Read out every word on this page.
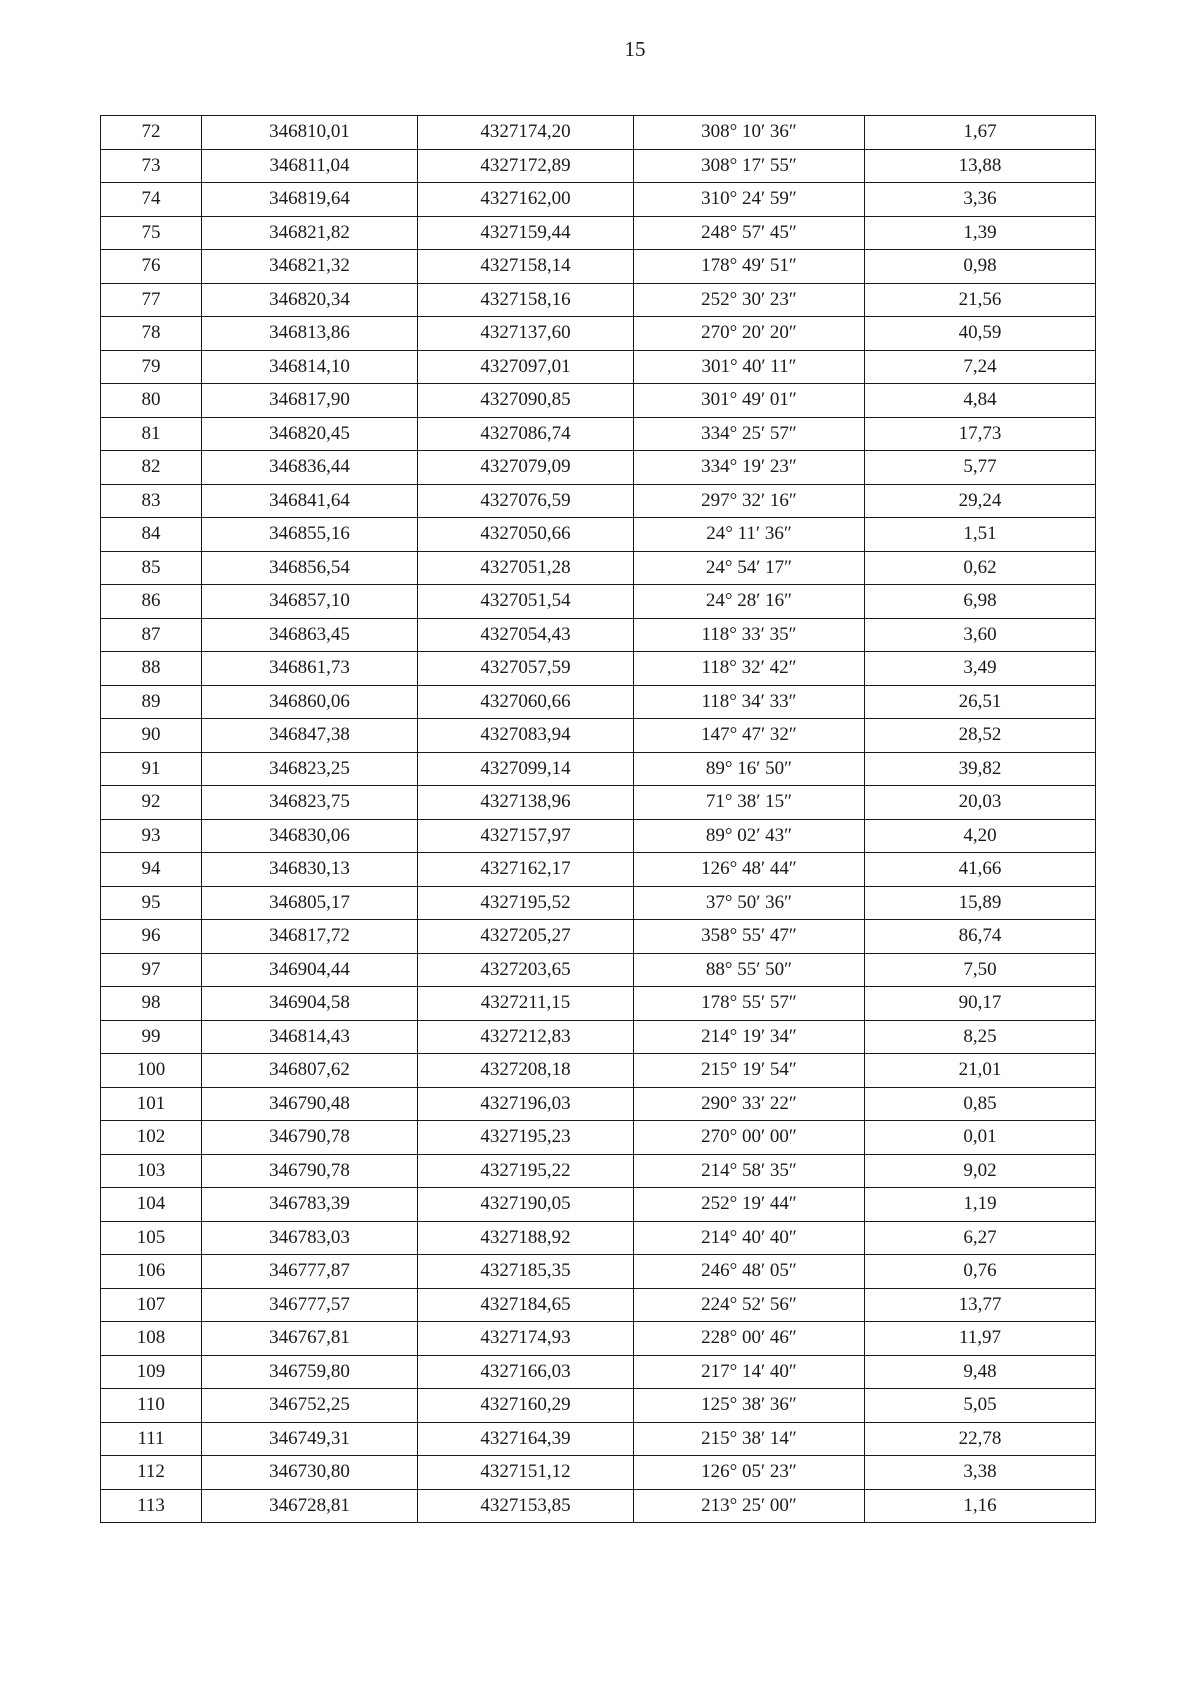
15
72	346810,01	4327174,20	308° 10′ 36″	1,67
73	346811,04	4327172,89	308° 17′ 55″	13,88
74	346819,64	4327162,00	310° 24′ 59″	3,36
75	346821,82	4327159,44	248° 57′ 45″	1,39
76	346821,32	4327158,14	178° 49′ 51″	0,98
77	346820,34	4327158,16	252° 30′ 23″	21,56
78	346813,86	4327137,60	270° 20′ 20″	40,59
79	346814,10	4327097,01	301° 40′ 11″	7,24
80	346817,90	4327090,85	301° 49′ 01″	4,84
81	346820,45	4327086,74	334° 25′ 57″	17,73
82	346836,44	4327079,09	334° 19′ 23″	5,77
83	346841,64	4327076,59	297° 32′ 16″	29,24
84	346855,16	4327050,66	24° 11′ 36″	1,51
85	346856,54	4327051,28	24° 54′ 17″	0,62
86	346857,10	4327051,54	24° 28′ 16″	6,98
87	346863,45	4327054,43	118° 33′ 35″	3,60
88	346861,73	4327057,59	118° 32′ 42″	3,49
89	346860,06	4327060,66	118° 34′ 33″	26,51
90	346847,38	4327083,94	147° 47′ 32″	28,52
91	346823,25	4327099,14	89° 16′ 50″	39,82
92	346823,75	4327138,96	71° 38′ 15″	20,03
93	346830,06	4327157,97	89° 02′ 43″	4,20
94	346830,13	4327162,17	126° 48′ 44″	41,66
95	346805,17	4327195,52	37° 50′ 36″	15,89
96	346817,72	4327205,27	358° 55′ 47″	86,74
97	346904,44	4327203,65	88° 55′ 50″	7,50
98	346904,58	4327211,15	178° 55′ 57″	90,17
99	346814,43	4327212,83	214° 19′ 34″	8,25
100	346807,62	4327208,18	215° 19′ 54″	21,01
101	346790,48	4327196,03	290° 33′ 22″	0,85
102	346790,78	4327195,23	270° 00′ 00″	0,01
103	346790,78	4327195,22	214° 58′ 35″	9,02
104	346783,39	4327190,05	252° 19′ 44″	1,19
105	346783,03	4327188,92	214° 40′ 40″	6,27
106	346777,87	4327185,35	246° 48′ 05″	0,76
107	346777,57	4327184,65	224° 52′ 56″	13,77
108	346767,81	4327174,93	228° 00′ 46″	11,97
109	346759,80	4327166,03	217° 14′ 40″	9,48
110	346752,25	4327160,29	125° 38′ 36″	5,05
111	346749,31	4327164,39	215° 38′ 14″	22,78
112	346730,80	4327151,12	126° 05′ 23″	3,38
113	346728,81	4327153,85	213° 25′ 00″	1,16
